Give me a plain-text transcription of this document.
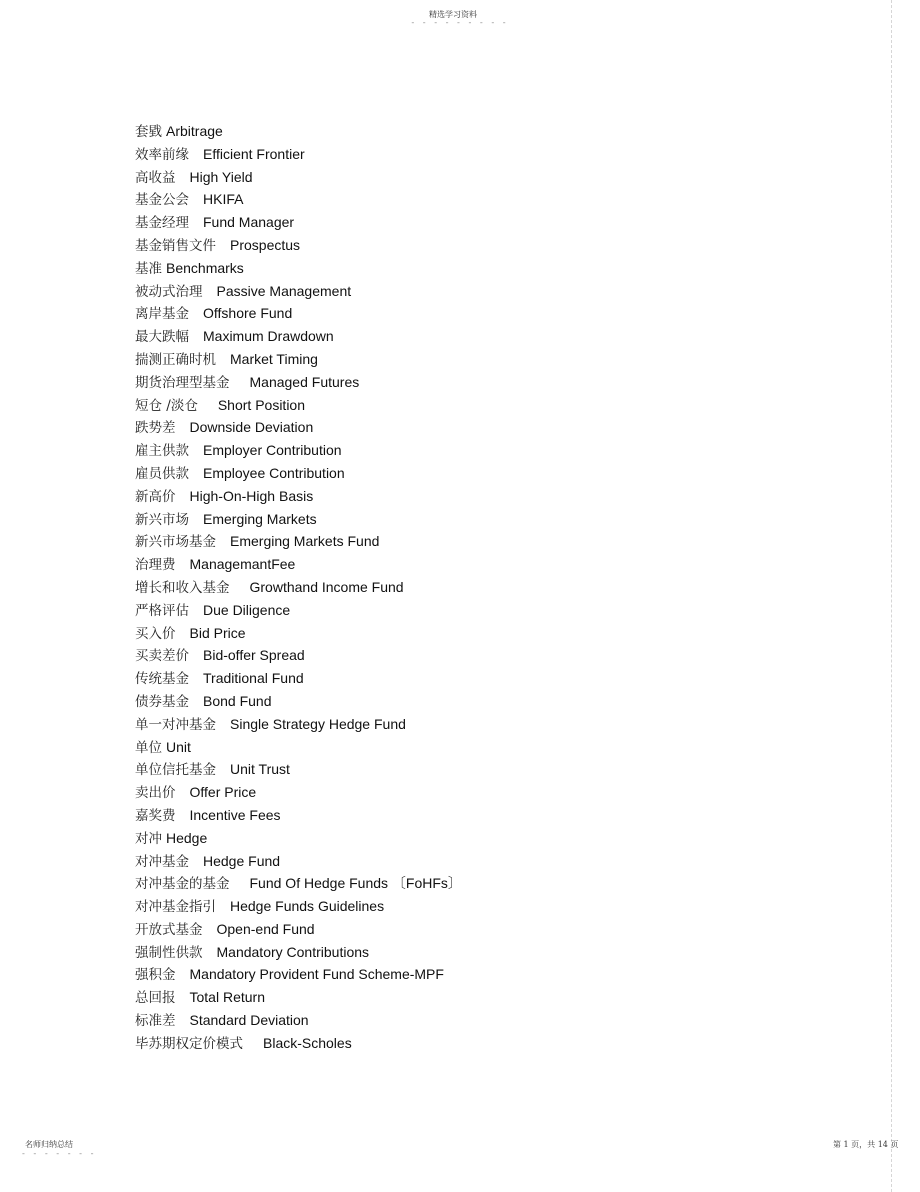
精选学习资料
- - - - - - - - -
套戥 Arbitrage
效率前缘 Efficient Frontier
高收益 High Yield
基金公会 HKIFA
基金经理 Fund Manager
基金销售文件 Prospectus
基准 Benchmarks
被动式治理 Passive Management
离岸基金 Offshore Fund
最大跌幅 Maximum Drawdown
揣测正确时机 Market Timing
期货治理型基金 Managed Futures
短仓 /淡仓 Short Position
跌势差 Downside Deviation
雇主供款 Employer Contribution
雇员供款 Employee Contribution
新高价 High-On-High Basis
新兴市场 Emerging Markets
新兴市场基金 Emerging Markets Fund
治理费 ManagemantFee
增长和收入基金 Growthand Income Fund
严格评估 Due Diligence
买入价 Bid Price
买卖差价 Bid-offer Spread
传统基金 Traditional Fund
债券基金 Bond Fund
单一对冲基金 Single Strategy Hedge Fund
单位 Unit
单位信托基金 Unit Trust
卖出价 Offer Price
嘉奖费 Incentive Fees
对冲 Hedge
对冲基金 Hedge Fund
对冲基金的基金 Fund Of Hedge Funds 〔FoHFs〕
对冲基金指引 Hedge Funds Guidelines
开放式基金 Open-end Fund
强制性供款 Mandatory Contributions
强积金 Mandatory Provident Fund Scheme-MPF
总回报 Total Return
标准差 Standard Deviation
毕苏期权定价模式 Black-Scholes
名师归纳总结
- - - - - - -
第 1 页，共 14 页
